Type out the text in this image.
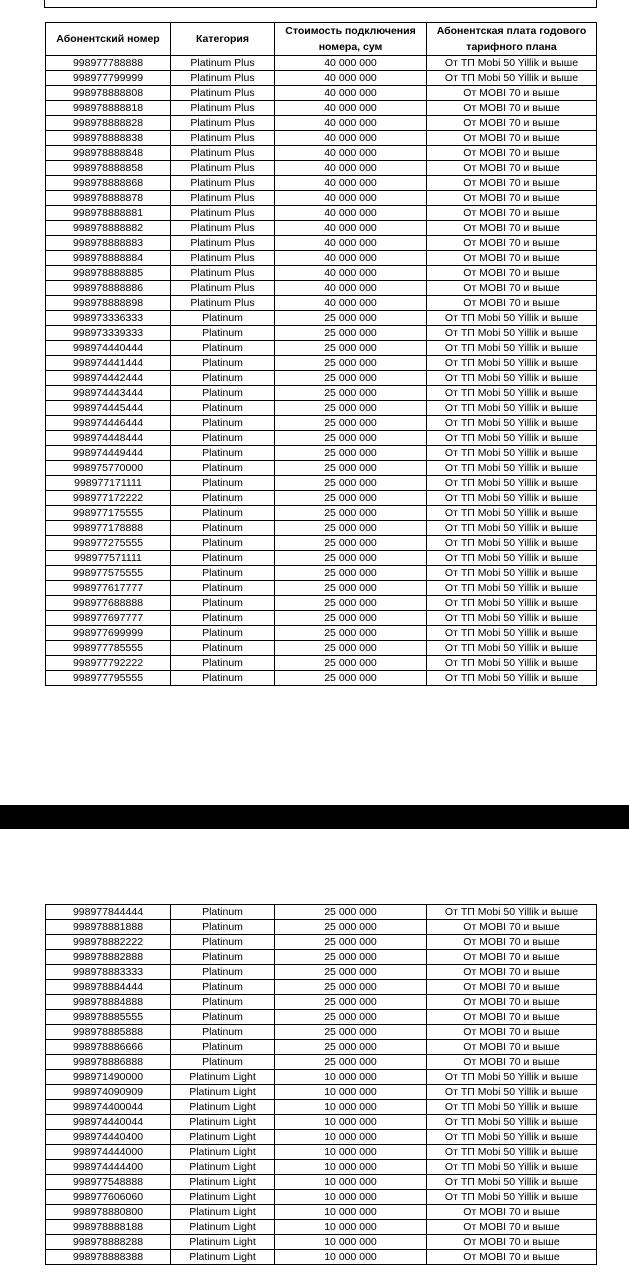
Абонентский номер	Категория	Стоимость подключения номера, сум	Абонентская плата годового тарифного плана
998977788888	Platinum Plus	40 000 000	От ТП Mobi 50 Yillik и выше
998977799999	Platinum Plus	40 000 000	От ТП Mobi 50 Yillik и выше
998978888808	Platinum Plus	40 000 000	От MOBI 70 и выше
998978888818	Platinum Plus	40 000 000	От MOBI 70 и выше
998978888828	Platinum Plus	40 000 000	От MOBI 70 и выше
998978888838	Platinum Plus	40 000 000	От MOBI 70 и выше
998978888848	Platinum Plus	40 000 000	От MOBI 70 и выше
998978888858	Platinum Plus	40 000 000	От MOBI 70 и выше
998978888868	Platinum Plus	40 000 000	От MOBI 70 и выше
998978888878	Platinum Plus	40 000 000	От MOBI 70 и выше
998978888881	Platinum Plus	40 000 000	От MOBI 70 и выше
998978888882	Platinum Plus	40 000 000	От MOBI 70 и выше
998978888883	Platinum Plus	40 000 000	От MOBI 70 и выше
998978888884	Platinum Plus	40 000 000	От MOBI 70 и выше
998978888885	Platinum Plus	40 000 000	От MOBI 70 и выше
998978888886	Platinum Plus	40 000 000	От MOBI 70 и выше
998978888898	Platinum Plus	40 000 000	От MOBI 70 и выше
998973336333	Platinum	25 000 000	От ТП Mobi 50 Yillik и выше
998973339333	Platinum	25 000 000	От ТП Mobi 50 Yillik и выше
998974440444	Platinum	25 000 000	От ТП Mobi 50 Yillik и выше
998974441444	Platinum	25 000 000	От ТП Mobi 50 Yillik и выше
998974442444	Platinum	25 000 000	От ТП Mobi 50 Yillik и выше
998974443444	Platinum	25 000 000	От ТП Mobi 50 Yillik и выше
998974445444	Platinum	25 000 000	От ТП Mobi 50 Yillik и выше
998974446444	Platinum	25 000 000	От ТП Mobi 50 Yillik и выше
998974448444	Platinum	25 000 000	От ТП Mobi 50 Yillik и выше
998974449444	Platinum	25 000 000	От ТП Mobi 50 Yillik и выше
998975770000	Platinum	25 000 000	От ТП Mobi 50 Yillik и выше
998977171111	Platinum	25 000 000	От ТП Mobi 50 Yillik и выше
998977172222	Platinum	25 000 000	От ТП Mobi 50 Yillik и выше
998977175555	Platinum	25 000 000	От ТП Mobi 50 Yillik и выше
998977178888	Platinum	25 000 000	От ТП Mobi 50 Yillik и выше
998977275555	Platinum	25 000 000	От ТП Mobi 50 Yillik и выше
998977571111	Platinum	25 000 000	От ТП Mobi 50 Yillik и выше
998977575555	Platinum	25 000 000	От ТП Mobi 50 Yillik и выше
998977617777	Platinum	25 000 000	От ТП Mobi 50 Yillik и выше
998977688888	Platinum	25 000 000	От ТП Mobi 50 Yillik и выше
998977697777	Platinum	25 000 000	От ТП Mobi 50 Yillik и выше
998977699999	Platinum	25 000 000	От ТП Mobi 50 Yillik и выше
998977785555	Platinum	25 000 000	От ТП Mobi 50 Yillik и выше
998977792222	Platinum	25 000 000	От ТП Mobi 50 Yillik и выше
998977795555	Platinum	25 000 000	От ТП Mobi 50 Yillik и выше
998977844444	Platinum	25 000 000	От ТП Mobi 50 Yillik и выше
998978881888	Platinum	25 000 000	От MOBI 70 и выше
998978882222	Platinum	25 000 000	От MOBI 70 и выше
998978882888	Platinum	25 000 000	От MOBI 70 и выше
998978883333	Platinum	25 000 000	От MOBI 70 и выше
998978884444	Platinum	25 000 000	От MOBI 70 и выше
998978884888	Platinum	25 000 000	От MOBI 70 и выше
998978885555	Platinum	25 000 000	От MOBI 70 и выше
998978885888	Platinum	25 000 000	От MOBI 70 и выше
998978886666	Platinum	25 000 000	От MOBI 70 и выше
998978886888	Platinum	25 000 000	От MOBI 70 и выше
998971490000	Platinum Light	10 000 000	От ТП Mobi 50 Yillik и выше
998974090909	Platinum Light	10 000 000	От ТП Mobi 50 Yillik и выше
998974400044	Platinum Light	10 000 000	От ТП Mobi 50 Yillik и выше
998974440044	Platinum Light	10 000 000	От ТП Mobi 50 Yillik и выше
998974440400	Platinum Light	10 000 000	От ТП Mobi 50 Yillik и выше
998974444000	Platinum Light	10 000 000	От ТП Mobi 50 Yillik и выше
998974444400	Platinum Light	10 000 000	От ТП Mobi 50 Yillik и выше
998977548888	Platinum Light	10 000 000	От ТП Mobi 50 Yillik и выше
998977606060	Platinum Light	10 000 000	От ТП Mobi 50 Yillik и выше
998978880800	Platinum Light	10 000 000	От MOBI 70 и выше
998978888188	Platinum Light	10 000 000	От MOBI 70 и выше
998978888288	Platinum Light	10 000 000	От MOBI 70 и выше
998978888388	Platinum Light	10 000 000	От MOBI 70 и выше
